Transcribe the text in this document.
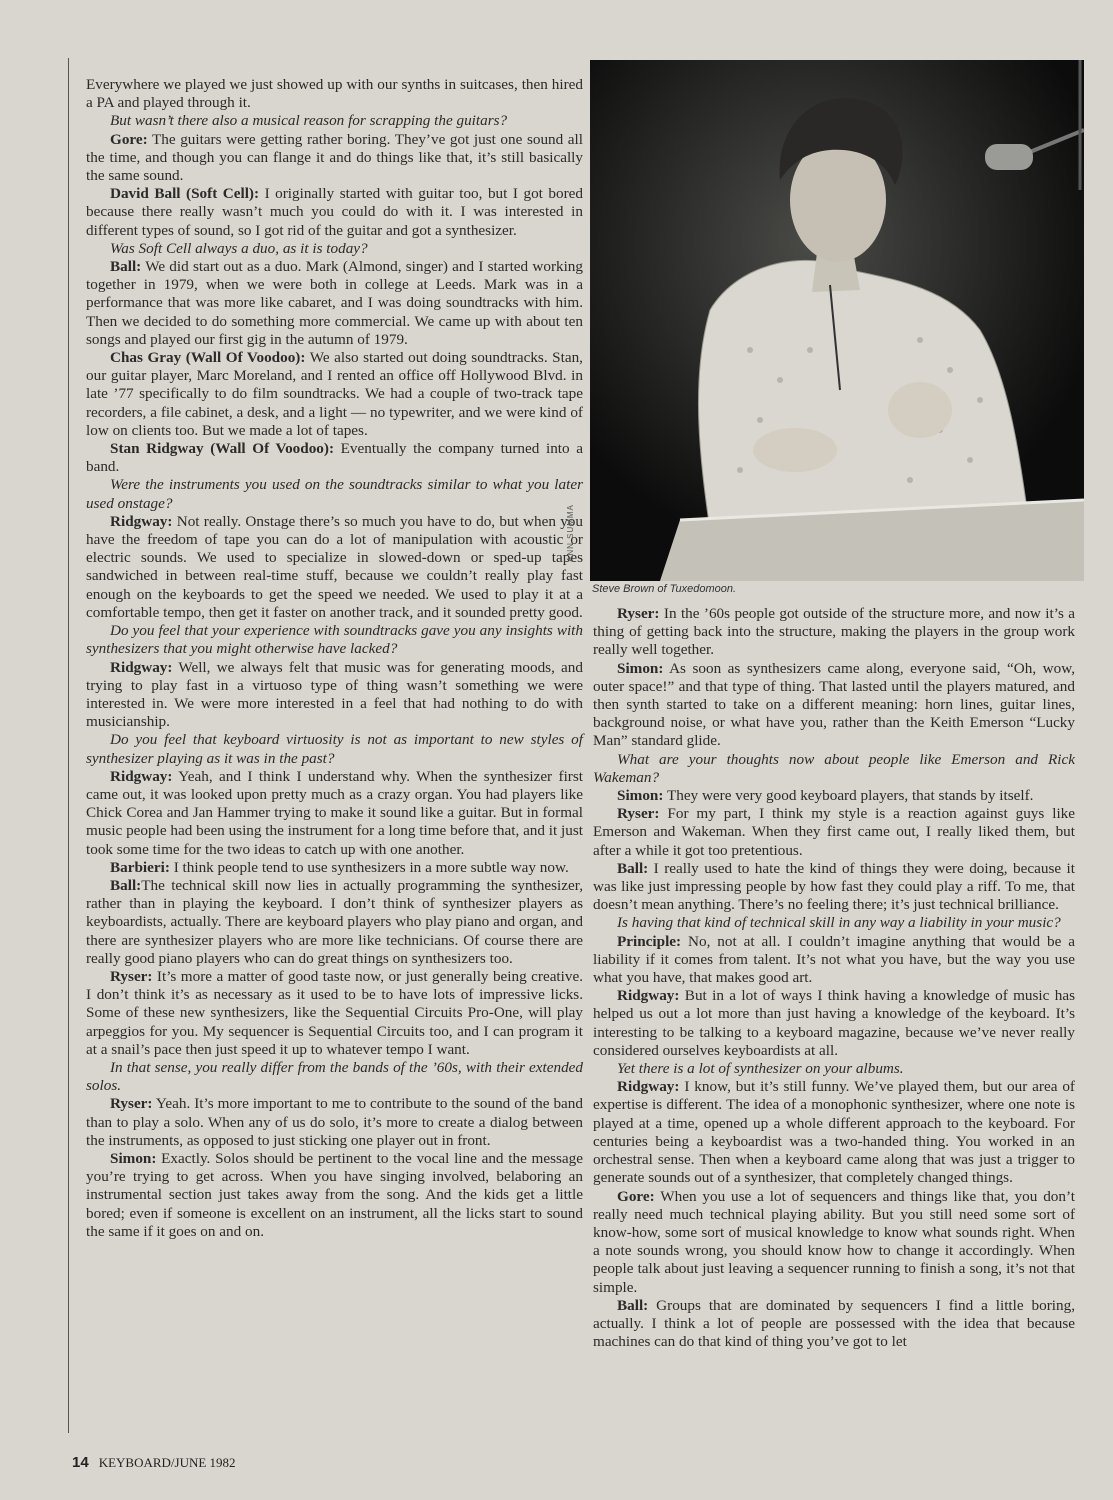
Everywhere we played we just showed up with our synths in suitcases, then hired a PA and played through it.

But wasn’t there also a musical reason for scrapping the guitars?

Gore: The guitars were getting rather boring. They’ve got just one sound all the time, and though you can flange it and do things like that, it’s still basically the same sound.

David Ball (Soft Cell): I originally started with guitar too, but I got bored because there really wasn’t much you could do with it. I was interested in different types of sound, so I got rid of the guitar and got a synthesizer.

Was Soft Cell always a duo, as it is today?

Ball: We did start out as a duo. Mark (Almond, singer) and I started working together in 1979, when we were both in college at Leeds. Mark was in a performance that was more like cabaret, and I was doing soundtracks with him. Then we decided to do something more commercial. We came up with about ten songs and played our first gig in the autumn of 1979.

Chas Gray (Wall Of Voodoo): We also started out doing soundtracks. Stan, our guitar player, Marc Moreland, and I rented an office off Hollywood Blvd. in late ’77 specifically to do film soundtracks. We had a couple of two-track tape recorders, a file cabinet, a desk, and a light — no typewriter, and we were kind of low on clients too. But we made a lot of tapes.

Stan Ridgway (Wall Of Voodoo): Eventually the company turned into a band.

Were the instruments you used on the soundtracks similar to what you later used onstage?

Ridgway: Not really. Onstage there’s so much you have to do, but when you have the freedom of tape you can do a lot of manipulation with acoustic or electric sounds. We used to specialize in slowed-down or sped-up tapes sandwiched in between real-time stuff, because we couldn’t really play fast enough on the keyboards to get the speed we needed. We used to play it at a comfortable tempo, then get it faster on another track, and it sounded pretty good.

Do you feel that your experience with soundtracks gave you any insights with synthesizers that you might otherwise have lacked?

Ridgway: Well, we always felt that music was for generating moods, and trying to play fast in a virtuoso type of thing wasn’t something we were interested in. We were more interested in a feel that had nothing to do with musicianship.

Do you feel that keyboard virtuosity is not as important to new styles of synthesizer playing as it was in the past?

Ridgway: Yeah, and I think I understand why. When the synthesizer first came out, it was looked upon pretty much as a crazy organ. You had players like Chick Corea and Jan Hammer trying to make it sound like a guitar. But in formal music people had been using the instrument for a long time before that, and it just took some time for the two ideas to catch up with one another.

Barbieri: I think people tend to use synthesizers in a more subtle way now.

Ball:The technical skill now lies in actually programming the synthesizer, rather than in playing the keyboard. I don’t think of synthesizer players as keyboardists, actually. There are keyboard players who play piano and organ, and there are synthesizer players who are more like technicians. Of course there are really good piano players who can do great things on synthesizers too.

Ryser: It’s more a matter of good taste now, or just generally being creative. I don’t think it’s as necessary as it used to be to have lots of impressive licks. Some of these new synthesizers, like the Sequential Circuits Pro-One, will play arpeggios for you. My sequencer is Sequential Circuits too, and I can program it at a snail’s pace then just speed it up to whatever tempo I want.

In that sense, you really differ from the bands of the ’60s, with their extended solos.

Ryser: Yeah. It’s more important to me to contribute to the sound of the band than to play a solo. When any of us do solo, it’s more to create a dialog between the instruments, as opposed to just sticking one player out in front.

Simon: Exactly. Solos should be pertinent to the vocal line and the message you’re trying to get across. When you have singing involved, belaboring an instrumental section just takes away from the song. And the kids get a little bored; even if someone is excellent on an instrument, all the licks start to sound the same if it goes on and on.

ANN SUMMA
Steve Brown of Tuxedomoon.

Ryser: In the ’60s people got outside of the structure more, and now it’s a thing of getting back into the structure, making the players in the group work really well together.

Simon: As soon as synthesizers came along, everyone said, “Oh, wow, outer space!” and that type of thing. That lasted until the players matured, and then synth started to take on a different meaning: horn lines, guitar lines, background noise, or what have you, rather than the Keith Emerson “Lucky Man” standard glide.

What are your thoughts now about people like Emerson and Rick Wakeman?

Simon: They were very good keyboard players, that stands by itself.

Ryser: For my part, I think my style is a reaction against guys like Emerson and Wakeman. When they first came out, I really liked them, but after a while it got too pretentious.

Ball: I really used to hate the kind of things they were doing, because it was like just impressing people by how fast they could play a riff. To me, that doesn’t mean anything. There’s no feeling there; it’s just technical brilliance.

Is having that kind of technical skill in any way a liability in your music?

Principle: No, not at all. I couldn’t imagine anything that would be a liability if it comes from talent. It’s not what you have, but the way you use what you have, that makes good art.

Ridgway: But in a lot of ways I think having a knowledge of music has helped us out a lot more than just having a knowledge of the keyboard. It’s interesting to be talking to a keyboard magazine, because we’ve never really considered ourselves keyboardists at all.

Yet there is a lot of synthesizer on your albums.

Ridgway: I know, but it’s still funny. We’ve played them, but our area of expertise is different. The idea of a monophonic synthesizer, where one note is played at a time, opened up a whole different approach to the keyboard. For centuries being a keyboardist was a two-handed thing. You worked in an orchestral sense. Then when a keyboard came along that was just a trigger to generate sounds out of a synthesizer, that completely changed things.

Gore: When you use a lot of sequencers and things like that, you don’t really need much technical playing ability. But you still need some sort of know-how, some sort of musical knowledge to know what sounds right. When a note sounds wrong, you should know how to change it accordingly. When people talk about just leaving a sequencer running to finish a song, it’s not that simple.

Ball: Groups that are dominated by sequencers I find a little boring, actually. I think a lot of people are possessed with the idea that because machines can do that kind of thing you’ve got to let

14 KEYBOARD/JUNE 1982
